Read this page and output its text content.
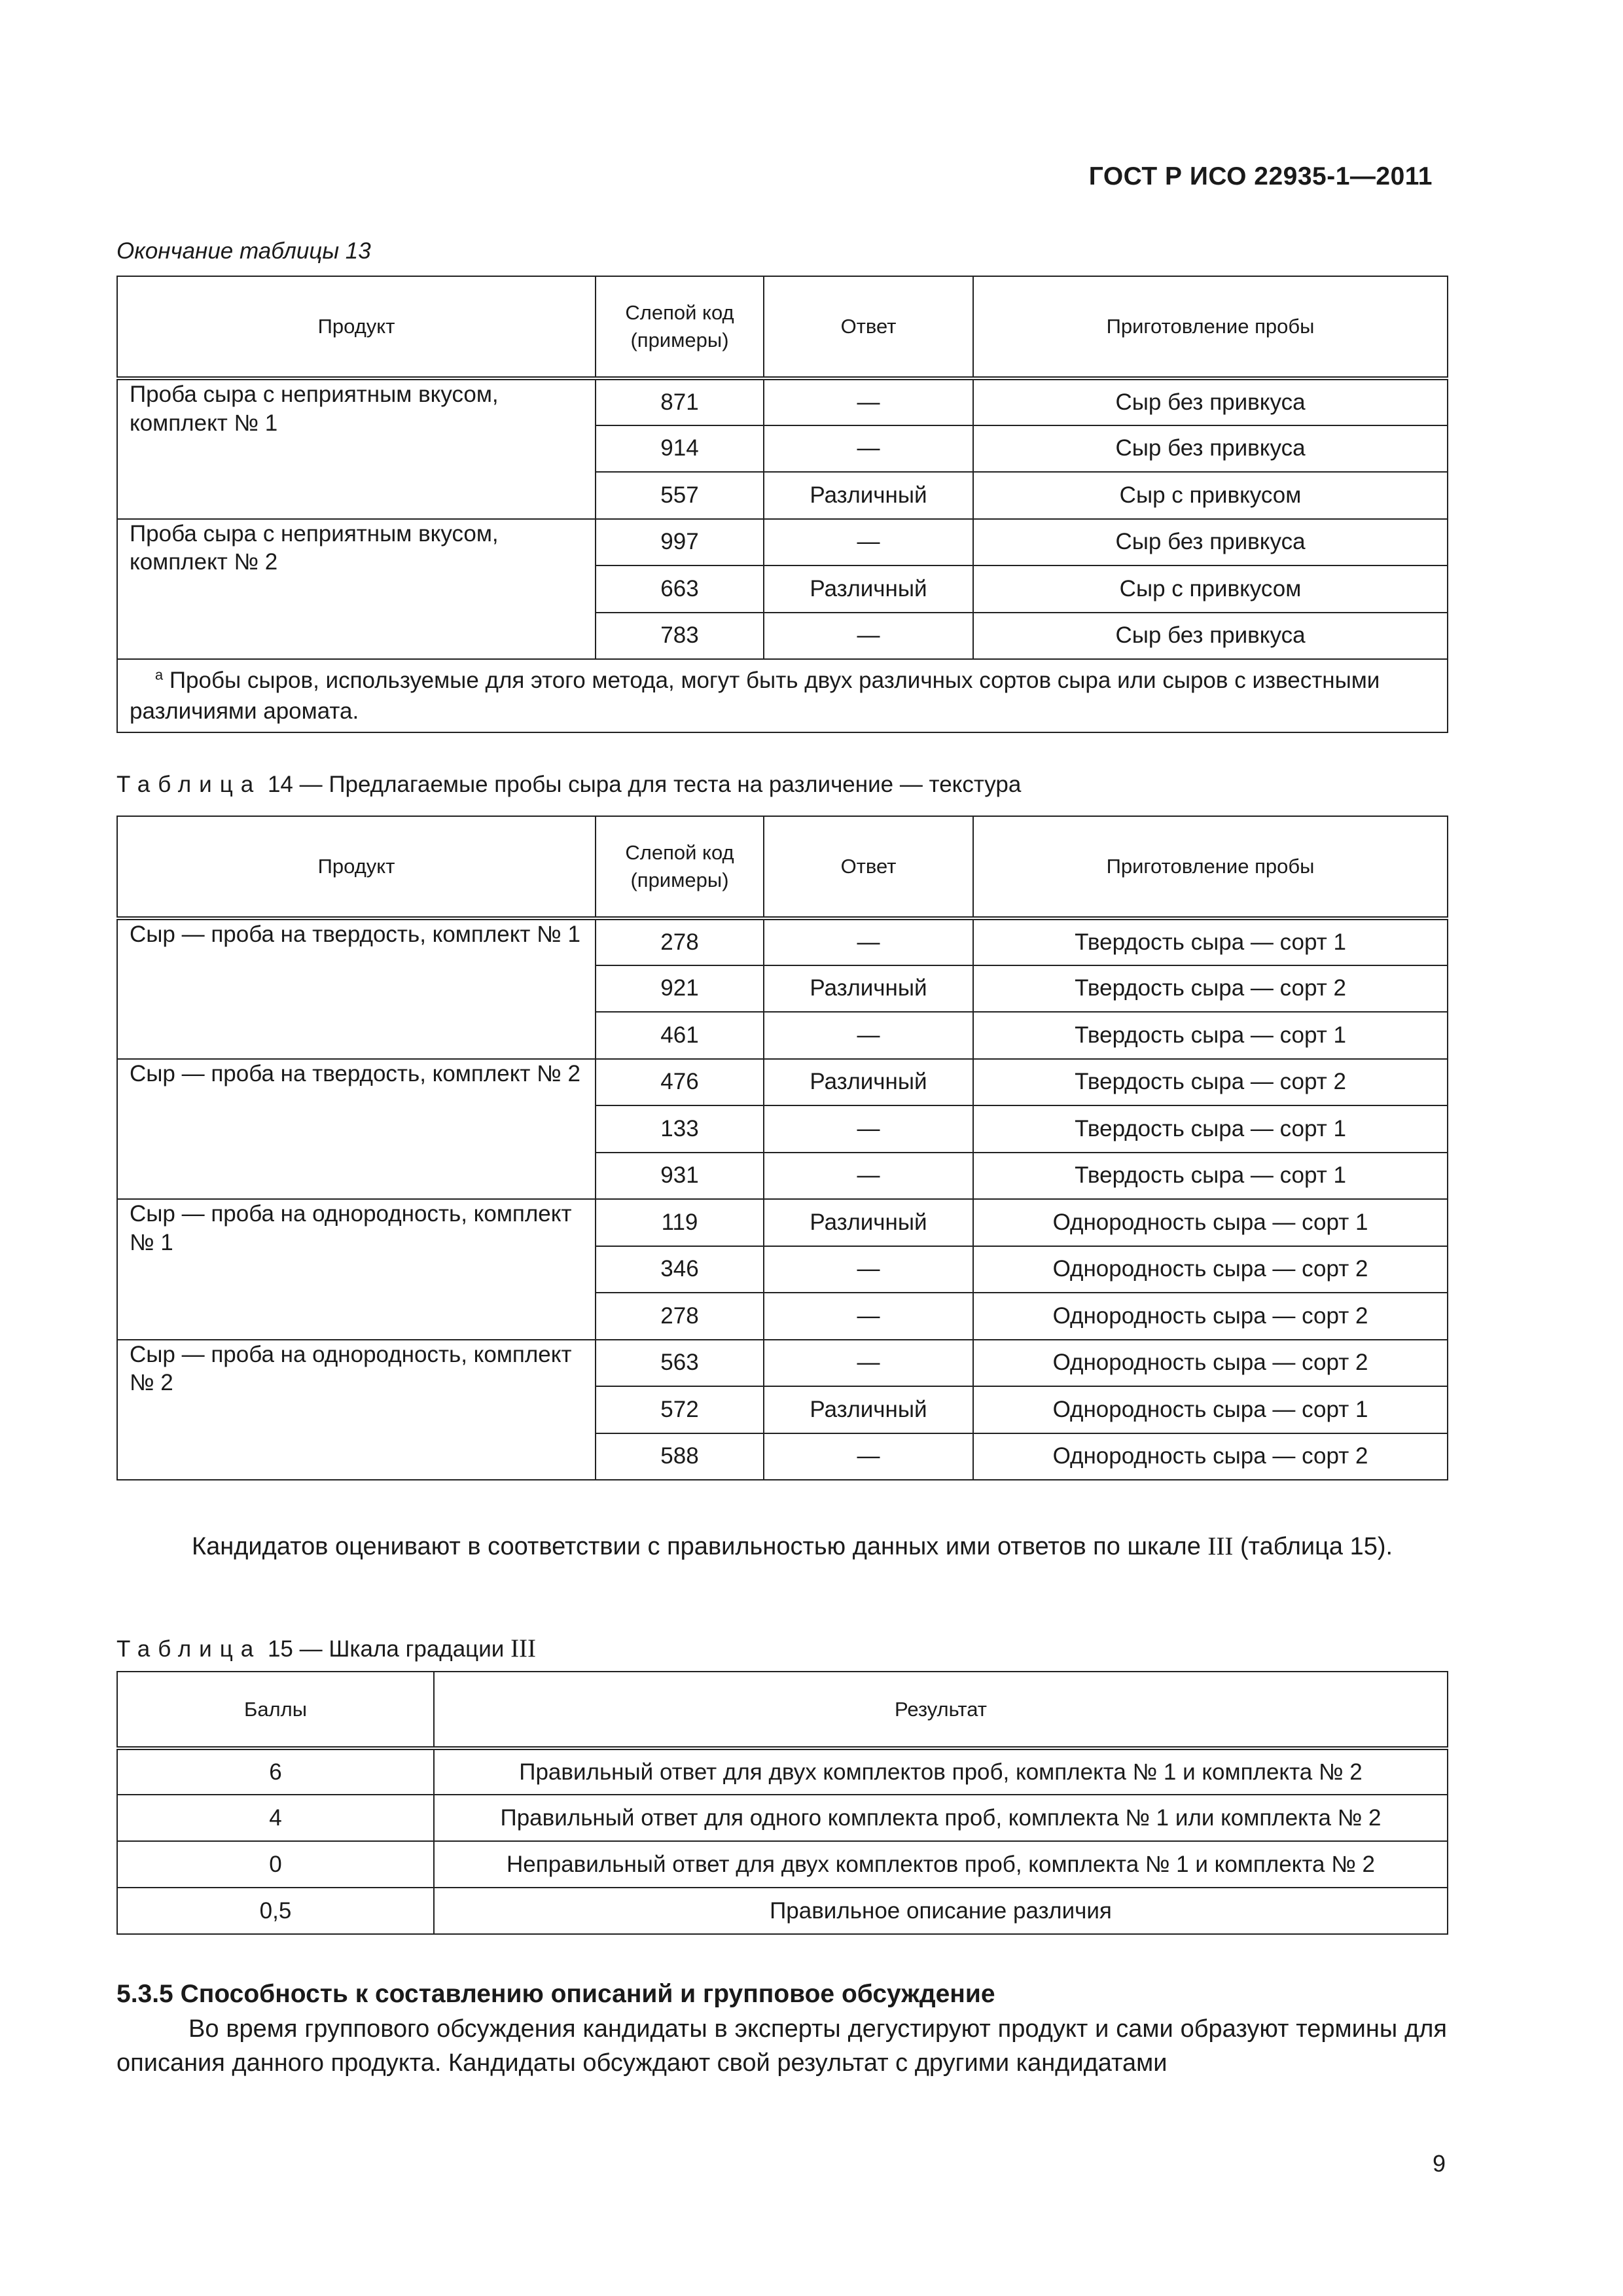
ГОСТ Р ИСО 22935-1—2011
Окончание таблицы 13
Продукт	Слепой код (примеры)	Ответ	Приготовление пробы
Проба сыра с неприятным вкусом, комплект № 1	871	—	Сыр без привкуса
	914	—	Сыр без привкуса
	557	Различный	Сыр с привкусом
Проба сыра с неприятным вкусом, комплект № 2	997	—	Сыр без привкуса
	663	Различный	Сыр с привкусом
	783	—	Сыр без привкуса
$^а$ Пробы сыров, используемые для этого метода, могут быть двух различных сортов сыра или сыров с известными различиями аромата.			
Таблица 14 — Предлагаемые пробы сыра для теста на различение — текстура
Продукт	Слепой код (примеры)	Ответ	Приготовление пробы
Сыр — проба на твердость, комплект № 1	278	—	Твердость сыра — сорт 1
	921	Различный	Твердость сыра — сорт 2
	461	—	Твердость сыра — сорт 1
Сыр — проба на твердость, комплект № 2	476	Различный	Твердость сыра — сорт 2
	133	—	Твердость сыра — сорт 1
	931	—	Твердость сыра — сорт 1
Сыр — проба на однородность, комплект № 1	119	Различный	Однородность сыра — сорт 1
	346	—	Однородность сыра — сорт 2
	278	—	Однородность сыра — сорт 2
Сыр — проба на однородность, комплект № 2	563	—	Однородность сыра — сорт 2
	572	Различный	Однородность сыра — сорт 1
	588	—	Однородность сыра — сорт 2
Кандидатов оценивают в соответствии с правильностью данных ими ответов по шкале III (таблица 15).
Таблица 15 — Шкала градации III
Баллы	Результат
6	Правильный ответ для двух комплектов проб, комплекта № 1 и комплекта № 2
4	Правильный ответ для одного комплекта проб, комплекта № 1 или комплекта № 2
0	Неправильный ответ для двух комплектов проб, комплекта № 1 и комплекта № 2
0,5	Правильное описание различия
5.3.5 Способность к составлению описаний и групповое обсуждение
Во время группового обсуждения кандидаты в эксперты дегустируют продукт и сами образуют термины для описания данного продукта. Кандидаты обсуждают свой результат с другими кандидатами
9
